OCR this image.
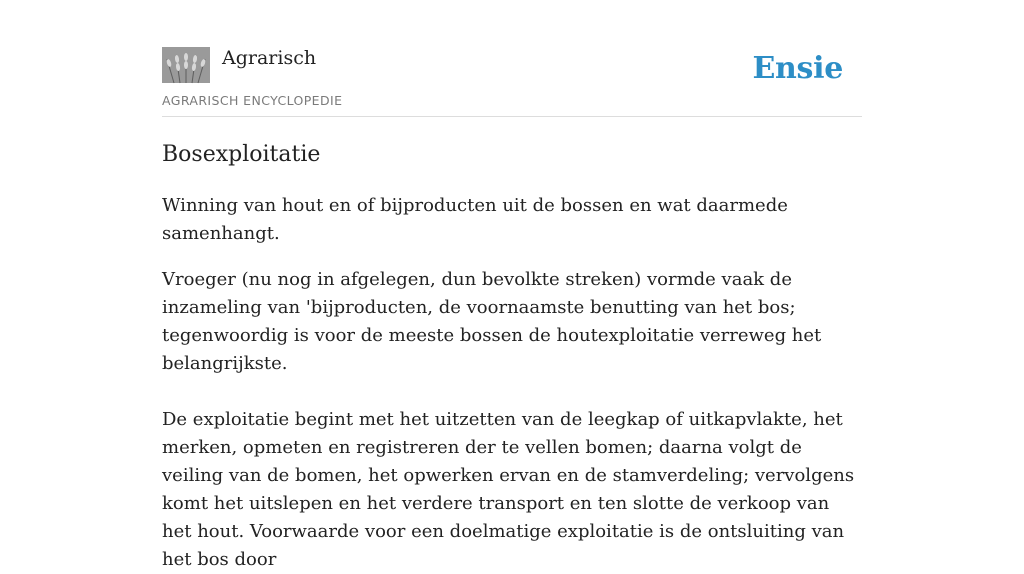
Agrarisch
AGRARISCH ENCYCLOPEDIE
Ensie
Bosexploitatie

Winning van hout en of bijproducten uit de bossen en wat daarmede samenhangt.

Vroeger (nu nog in afgelegen, dun bevolkte streken) vormde vaak de inzameling van 'bijproducten, de voornaamste benutting van het bos; tegenwoordig is voor de meeste bossen de houtexploitatie verreweg het belangrijkste.

De exploitatie begint met het uitzetten van de leegkap of uitkapvlakte, het merken, opmeten en registreren der te vellen bomen; daarna volgt de veiling van de bomen, het opwerken ervan en de stamverdeling; vervolgens komt het uitslepen en het verdere transport en ten slotte de verkoop van het hout. Voorwaarde voor een doelmatige exploitatie is de ontsluiting van het bos door
